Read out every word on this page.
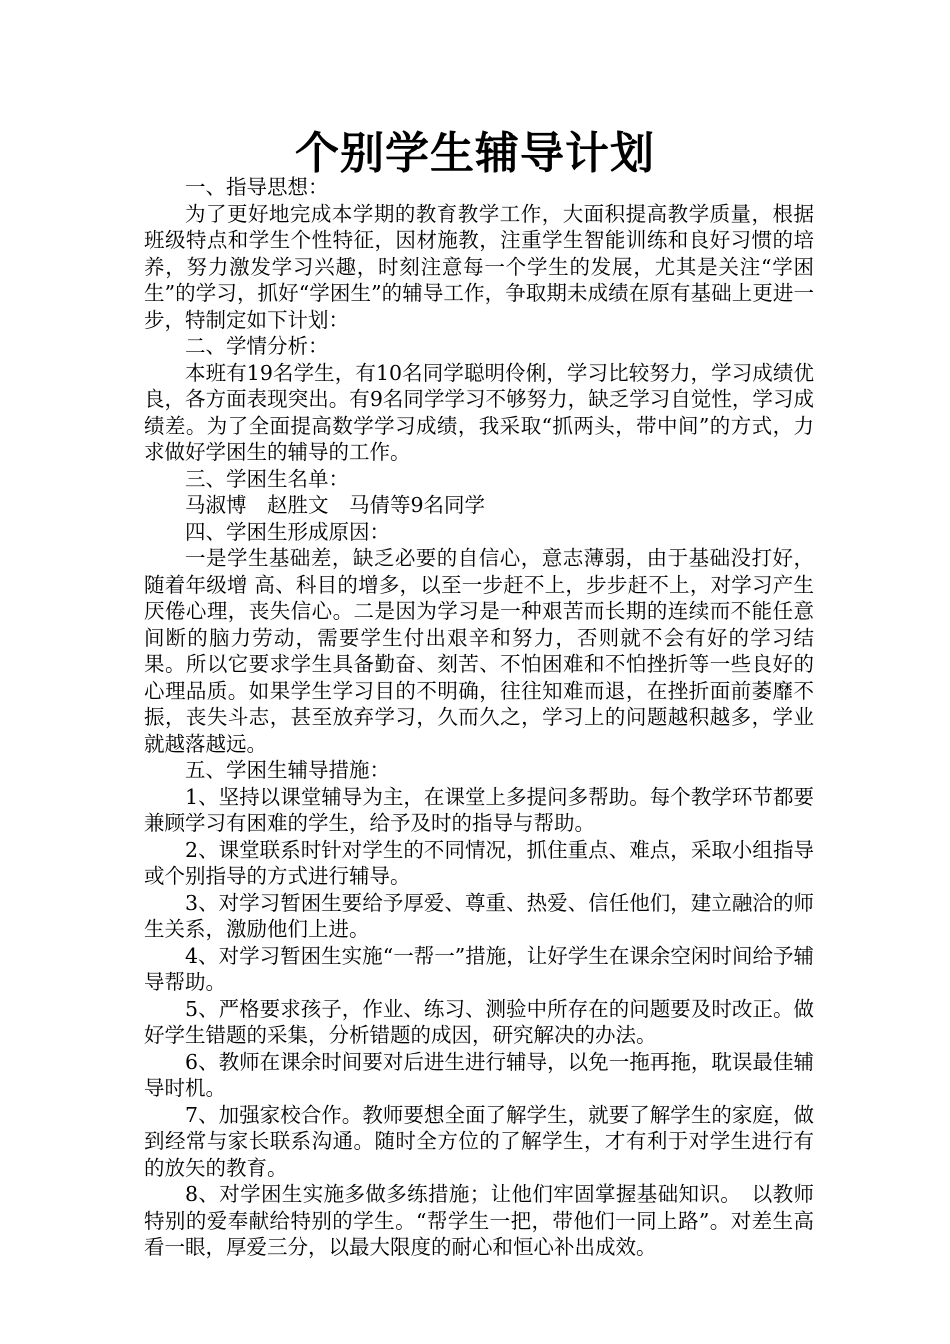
个别学生辅导计划

一、指导思想：

为了更好地完成本学期的教育教学工作，大面积提高教学质量，根据班级特点和学生个性特征，因材施教，注重学生智能训练和良好习惯的培养，努力激发学习兴趣，时刻注意每一个学生的发展，尤其是关注“学困生”的学习，抓好“学困生”的辅导工作，争取期未成绩在原有基础上更进一步，特制定如下计划：

二、学情分析：

本班有19名学生，有10名同学聪明伶俐，学习比较努力，学习成绩优良，各方面表现突出。有9名同学学习不够努力，缺乏学习自觉性，学习成绩差。为了全面提高数学学习成绩，我采取“抓两头，带中间”的方式，力求做好学困生的辅导的工作。

三、学困生名单：

马淑博　赵胜文　马倩等9名同学

四、学困生形成原因：

一是学生基础差，缺乏必要的自信心，意志薄弱，由于基础没打好，随着年级增 高、科目的增多，以至一步赶不上，步步赶不上，对学习产生厌倦心理，丧失信心。二是因为学习是一种艰苦而长期的连续而不能任意间断的脑力劳动，需要学生付出艰辛和努力，否则就不会有好的学习结果。所以它要求学生具备勤奋、刻苦、不怕困难和不怕挫折等一些良好的心理品质。如果学生学习目的不明确，往往知难而退，在挫折面前萎靡不振，丧失斗志，甚至放弃学习，久而久之，学习上的问题越积越多，学业就越落越远。

五、学困生辅导措施：

1、坚持以课堂辅导为主，在课堂上多提问多帮助。每个教学环节都要兼顾学习有困难的学生，给予及时的指导与帮助。

2、课堂联系时针对学生的不同情况，抓住重点、难点，采取小组指导或个别指导的方式进行辅导。

3、对学习暂困生要给予厚爱、尊重、热爱、信任他们，建立融洽的师生关系，激励他们上进。

4、对学习暂困生实施“一帮一”措施，让好学生在课余空闲时间给予辅导帮助。

5、严格要求孩子，作业、练习、测验中所存在的问题要及时改正。做好学生错题的采集，分析错题的成因，研究解决的办法。

6、教师在课余时间要对后进生进行辅导，以免一拖再拖，耽误最佳辅导时机。

7、加强家校合作。教师要想全面了解学生，就要了解学生的家庭，做到经常与家长联系沟通。随时全方位的了解学生，才有利于对学生进行有的放矢的教育。

8、对学困生实施多做多练措施；让他们牢固掌握基础知识。　以教师特别的爱奉献给特别的学生。“帮学生一把，带他们一同上路”。对差生高看一眼，厚爱三分，以最大限度的耐心和恒心补出成效。
